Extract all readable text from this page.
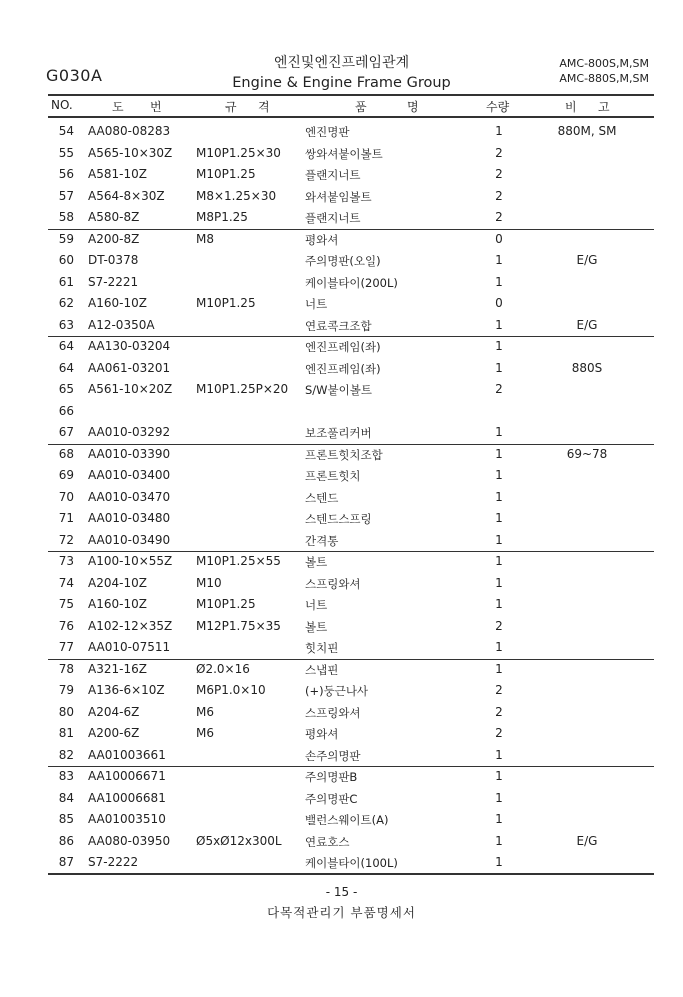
G030A
엔진및엔진프레임관계
Engine & Engine Frame Group
AMC-800S,M,SM
AMC-880S,M,SM
NO.	도 번	규 격	품	명	수량	비 고
54 AA080-08283	엔진명판	1	880M, SM
55 A565-10×30Z M10P1.25×30 쌍와셔붙이볼트	2
56 A581-10Z	M10P1.25	플랜지너트	2
57 A564-8×30Z	M8×1.25×30	와셔붙임볼트	2
58 A580-8Z	M8P1.25	플랜지너트	2
59 A200-8Z	M8	평와셔	0
60 DT-0378	주의명판(오일)	1	E/G
61 S7-2221	케이블타이(200L)	1
62 A160-10Z	M10P1.25	너트	0
63 A12-0350A	연료콕크조합	1	E/G
64 AA130-03204	엔진프레임(좌)	1
64 AA061-03201	엔진프레임(좌)	1	880S
65 A561-10×20Z M10P1.25P×20 S/W붙이볼트	2
66
67 AA010-03292	보조풀리커버	1
68 AA010-03390	프론트힛치조합	1	69~78
69 AA010-03400	프론트힛치	1
70 AA010-03470	스텐드	1
71 AA010-03480	스텐드스프링	1
72 AA010-03490	간격통	1
73 A100-10×55Z M10P1.25×55 볼트	1
74 A204-10Z	M10	스프링와셔	1
75 A160-10Z	M10P1.25	너트	1
76 A102-12×35Z M12P1.75×35 볼트	2
77 AA010-07511	힛치핀	1
78 A321-16Z	Ø2.0×16	스냅핀	1
79 A136-6×10Z	M6P1.0×10	(+)둥근나사	2
80 A204-6Z	M6	스프링와셔	2
81 A200-6Z	M6	평와셔	2
82 AA01003661	손주의명판	1
83 AA10006671	주의명판B	1
84 AA10006681	주의명판C	1
85 AA01003510	밸런스웨이트(A)	1
86 AA080-03950 Ø5xØ12x300L 연료호스	1	E/G
87 S7-2222	케이블타이(100L)	1
- 15 -
다목적관리기 부품명세서
